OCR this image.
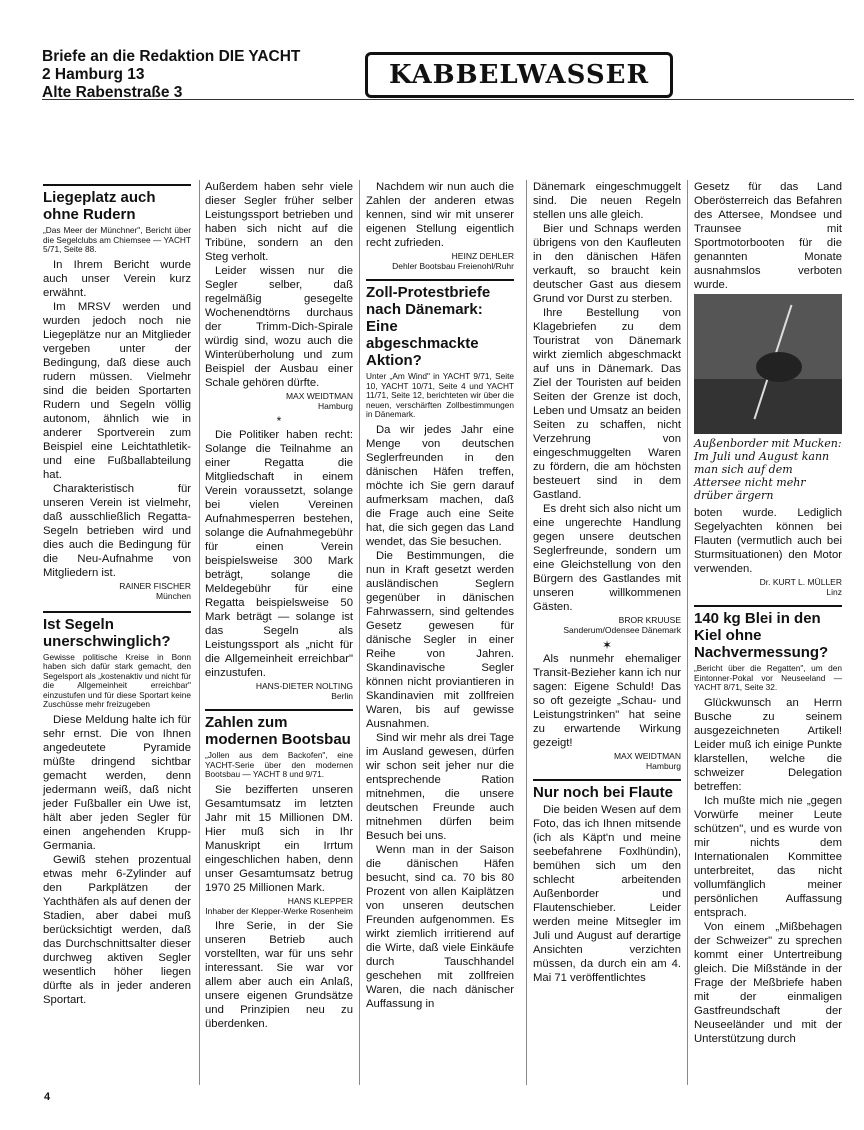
Briefe an die Redaktion DIE YACHT
2 Hamburg 13
Alte Rabenstraße 3
KABBELWASSER
Liegeplatz auch ohne Rudern
„Das Meer der Münchner", Bericht über die Segelclubs am Chiemsee — YACHT 5/71, Seite 88.

In Ihrem Bericht wurde auch unser Verein kurz erwähnt.

Im MRSV werden und wurden jedoch noch nie Liegeplätze nur an Mitglieder vergeben unter der Bedingung, daß diese auch rudern müssen. Vielmehr sind die beiden Sportarten Rudern und Segeln völlig autonom, ähnlich wie in anderer Sportverein zum Beispiel eine Leichtathletik- und eine Fußballabteilung hat.

Charakteristisch für unseren Verein ist vielmehr, daß ausschließlich Regatta-Segeln betrieben wird und dies auch die Bedingung für die Neu-Aufnahme von Mitgliedern ist.

RAINER FISCHER
München
Ist Segeln unerschwinglich?
Gewisse politische Kreise in Bonn haben sich dafür stark gemacht, den Segelsport als „kostenaktiv und nicht für die Allgemeinheit erreichbar" einzustufen und für diese Sportart keine Zuschüsse mehr freizugeben

Diese Meldung halte ich für sehr ernst. Die von Ihnen angedeutete Pyramide müßte dringend sichtbar gemacht werden, denn jedermann weiß, daß nicht jeder Fußballer ein Uwe ist, hält aber jeden Segler für einen angehenden Krupp-Germania.

Gewiß stehen prozentual etwas mehr 6-Zylinder auf den Parkplätzen der Yachthäfen als auf denen der Stadien, aber dabei muß berücksichtigt werden, daß das Durchschnittsalter dieser durchweg aktiven Segler wesentlich höher liegen dürfte als in jeder anderen Sportart.

Außerdem haben sehr viele dieser Segler früher selber Leistungssport betrieben und haben sich nicht auf die Tribüne, sondern an den Steg verholt.

Leider wissen nur die Segler selber, daß regelmäßig gesegelte Wochenendtörns durchaus der Trimm-Dich-Spirale würdig sind, wozu auch die Winterüberholung und zum Beispiel der Ausbau einer Schale gehören dürfte.

MAX WEIDTMAN
Hamburg
*

Die Politiker haben recht: Solange die Teilnahme an einer Regatta die Mitgliedschaft in einem Verein voraussetzt, solange bei vielen Vereinen Aufnahmesperren bestehen, solange die Aufnahmegebühr für einen Verein beispielsweise 300 Mark beträgt, solange die Meldegebühr für eine Regatta beispielsweise 50 Mark beträgt — solange ist das Segeln als Leistungssport als „nicht für die Allgemeinheit erreichbar" einzustufen.

HANS-DIETER NOLTING
Berlin
Zahlen zum modernen Bootsbau
„Jollen aus dem Backofen", eine YACHT-Serie über den modernen Bootsbau — YACHT 8 und 9/71.

Sie bezifferten unseren Gesamtumsatz im letzten Jahr mit 15 Millionen DM. Hier muß sich in Ihr Manuskript ein Irrtum eingeschlichen haben, denn unser Gesamtumsatz betrug 1970 25 Millionen Mark.

HANS KLEPPER
Inhaber der Klepper-Werke Rosenheim

Ihre Serie, in der Sie unseren Betrieb auch vorstellten, war für uns sehr interessant. Sie war vor allem aber auch ein Anlaß, unsere eigenen Grundsätze und Prinzipien neu zu überdenken.

Nachdem wir nun auch die Zahlen der anderen etwas kennen, sind wir mit unserer eigenen Stellung eigentlich recht zufrieden.

HEINZ DEHLER
Dehler Bootsbau Freienohl/Ruhr
Zoll-Protestbriefe nach Dänemark: Eine abgeschmackte Aktion?
Unter „Am Wind" in YACHT 9/71, Seite 10, YACHT 10/71, Seite 4 und YACHT 11/71, Seite 12, berichteten wir über die neuen, verschärften Zollbestimmungen in Dänemark.

Da wir jedes Jahr eine Menge von deutschen Seglerfreunden in den dänischen Häfen treffen, möchte ich Sie gern darauf aufmerksam machen, daß die Frage auch eine Seite hat, die sich gegen das Land wendet, das Sie besuchen.

Die Bestimmungen, die nun in Kraft gesetzt werden ausländischen Seglern gegenüber in dänischen Fahrwassern, sind geltendes Gesetz gewesen für dänische Segler in einer Reihe von Jahren. Skandinavische Segler können nicht proviantieren in Skandinavien mit zollfreien Waren, bis auf gewisse Ausnahmen.

Sind wir mehr als drei Tage im Ausland gewesen, dürfen wir schon seit jeher nur die entsprechende Ration mitnehmen, die unsere deutschen Freunde auch mitnehmen dürfen beim Besuch bei uns.

Wenn man in der Saison die dänischen Häfen besucht, sind ca. 70 bis 80 Prozent von allen Kaiplätzen von unseren deutschen Freunden aufgenommen. Es wirkt ziemlich irritierend auf die Wirte, daß viele Einkäufe durch Tauschhandel geschehen mit zollfreien Waren, die nach dänischer Auffassung in

Dänemark eingeschmuggelt sind. Die neuen Regeln stellen uns alle gleich.

Bier und Schnaps werden übrigens von den Kaufleuten in den dänischen Häfen verkauft, so braucht kein deutscher Gast aus diesem Grund vor Durst zu sterben.

Ihre Bestellung von Klagebriefen zu dem Touristrat von Dänemark wirkt ziemlich abgeschmackt auf uns in Dänemark. Das Ziel der Touristen auf beiden Seiten der Grenze ist doch, Leben und Umsatz an beiden Seiten zu schaffen, nicht Verzehrung von eingeschmuggelten Waren zu fördern, die am höchsten besteuert sind in dem Gastland.

Es dreht sich also nicht um eine ungerechte Handlung gegen unsere deutschen Seglerfreunde, sondern um eine Gleichstellung von den Bürgern des Gastlandes mit unseren willkommenen Gästen.

BROR KRUUSE
Sanderum/Odensee Dänemark
✶

Als nunmehr ehemaliger Transit-Bezieher kann ich nur sagen: Eigene Schuld! Das so oft gezeigte „Schau- und Leistungstrinken" hat seine zu erwartende Wirkung gezeigt!

MAX WEIDTMAN
Hamburg
Nur noch bei Flaute

Die beiden Wesen auf dem Foto, das ich Ihnen mitsende (ich als Käpt'n und meine seebefahrene Foxlhündin), bemühen sich um den schlecht arbeitenden Außenborder und Flautenschieber. Leider werden meine Mitsegler im Juli und August auf derartige Ansichten verzichten müssen, da durch ein am 4. Mai 71 veröffentlichtes

Gesetz für das Land Oberösterreich das Befahren des Attersee, Mondsee und Traunsee mit Sportmotorbooten für die genannten Monate ausnahmslos verboten wurde.

Außenborder mit Mucken: Im Juli und August kann man sich auf dem Attersee nicht mehr drüber ärgern

boten wurde. Lediglich Segelyachten können bei Flauten (vermutlich auch bei Sturmsituationen) den Motor verwenden.

Dr. KURT L. MÜLLER
Linz
140 kg Blei in den Kiel ohne Nachvermessung?
„Bericht über die Regatten", um den Eintonner-Pokal vor Neuseeland — YACHT 8/71, Seite 32.

Glückwunsch an Herrn Busche zu seinem ausgezeichneten Artikel! Leider muß ich einige Punkte klarstellen, welche die schweizer Delegation betreffen:

Ich mußte mich nie „gegen Vorwürfe meiner Leute schützen", und es wurde von mir nichts dem Internationalen Kommittee unterbreitet, das nicht vollumfänglich meiner persönlichen Auffassung entsprach.

Von einem „Mißbehagen der Schweizer" zu sprechen kommt einer Untertreibung gleich. Die Mißstände in der Frage der Meßbriefe haben mit der einmaligen Gastfreundschaft der Neuseeländer und mit der Unterstützung durch

4
